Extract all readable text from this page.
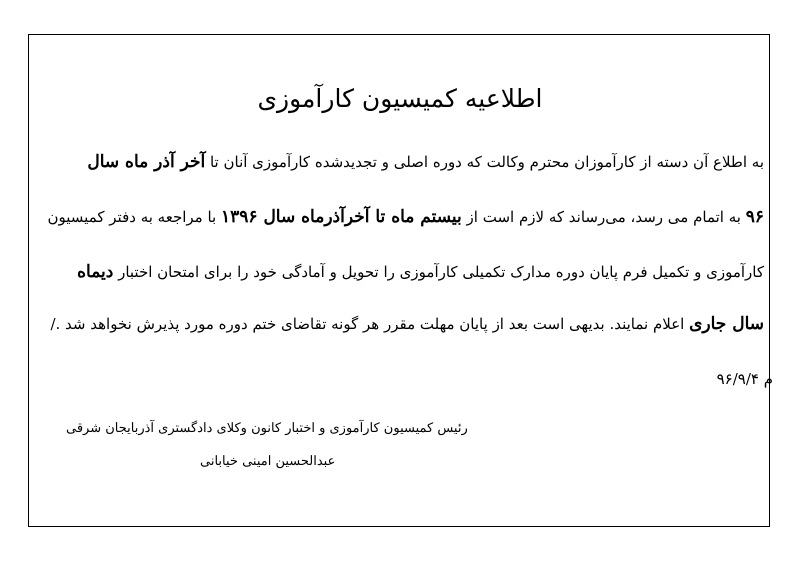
اطلاعیه کمیسیون کارآموزی
به اطلاع آن دسته از کارآموزان محترم وکالت که دوره اصلی و تجدیدشده کارآموزی آنان تا آخر آذر ماه سال
۹۶ به اتمام می رسد، می‌رساند که لازم است از بیستم ماه تا آخرآذرماه سال ۱۳۹۶ با مراجعه به دفتر کمیسیون
کارآموزی و تکمیل فرم پایان دوره مدارک تکمیلی کارآموزی را تحویل و آمادگی خود را برای امتحان اختبار دیماه
سال جاری اعلام نمایند. بدیهی است بعد از پایان مهلت مقرر هر گونه تقاضای ختم دوره مورد پذیرش نخواهد شد ./
م ۹۶/۹/۴
رئیس کمیسیون کارآموزی و اختبار کانون وکلای دادگستری آذربایجان شرقی
عبدالحسین امینی خیابانی
